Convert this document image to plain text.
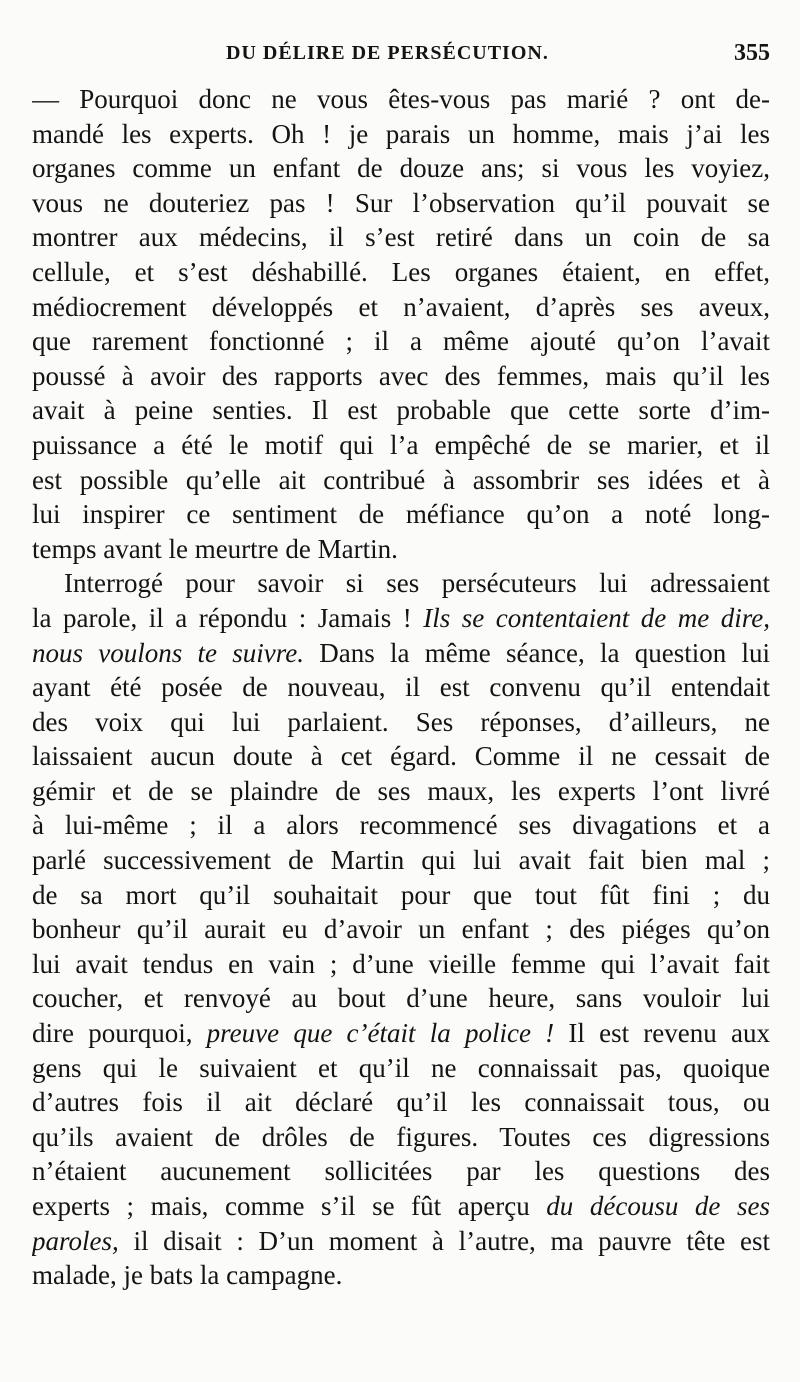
DU DÉLIRE DE PERSÉCUTION.	355
— Pourquoi donc ne vous êtes-vous pas marié ? ont de-
mandé les experts. Oh ! je parais un homme, mais j’ai les
organes comme un enfant de douze ans; si vous les voyiez,
vous ne douteriez pas ! Sur l’observation qu’il pouvait se
montrer aux médecins, il s’est retiré dans un coin de sa
cellule, et s’est déshabillé. Les organes étaient, en effet,
médiocrement développés et n’avaient, d’après ses aveux,
que rarement fonctionné ; il a même ajouté qu’on l’avait
poussé à avoir des rapports avec des femmes, mais qu’il les
avait à peine senties. Il est probable que cette sorte d’im-
puissance a été le motif qui l’a empêché de se marier, et il
est possible qu’elle ait contribué à assombrir ses idées et à
lui inspirer ce sentiment de méfiance qu’on a noté long-
temps avant le meurtre de Martin.
Interrogé pour savoir si ses persécuteurs lui adressaient
la parole, il a répondu : Jamais ! Ils se contentaient de me dire,
nous voulons te suivre. Dans la même séance, la question lui
ayant été posée de nouveau, il est convenu qu’il entendait
des voix qui lui parlaient. Ses réponses, d’ailleurs, ne
laissaient aucun doute à cet égard. Comme il ne cessait de
gémir et de se plaindre de ses maux, les experts l’ont livré
à lui-même ; il a alors recommencé ses divagations et a
parlé successivement de Martin qui lui avait fait bien mal ;
de sa mort qu’il souhaitait pour que tout fût fini ; du
bonheur qu’il aurait eu d’avoir un enfant ; des piéges qu’on
lui avait tendus en vain ; d’une vieille femme qui l’avait fait
coucher, et renvoyé au bout d’une heure, sans vouloir lui
dire pourquoi, preuve que c’était la police ! Il est revenu aux
gens qui le suivaient et qu’il ne connaissait pas, quoique
d’autres fois il ait déclaré qu’il les connaissait tous, ou
qu’ils avaient de drôles de figures. Toutes ces digressions
n’étaient aucunement sollicitées par les questions des
experts ; mais, comme s’il se fût aperçu du décousu de ses
paroles, il disait : D’un moment à l’autre, ma pauvre tête est
malade, je bats la campagne.
